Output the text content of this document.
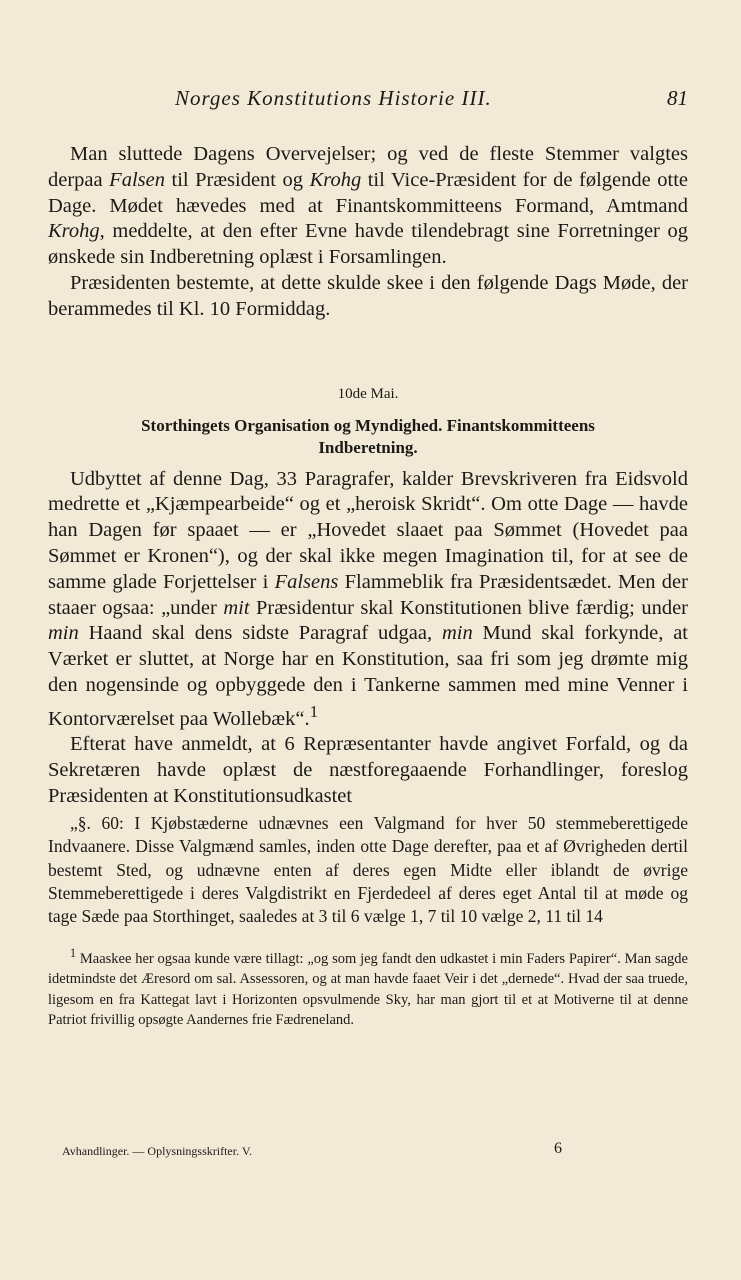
Norges Konstitutions Historie III.	81

Man sluttede Dagens Overvejelser; og ved de fleste Stemmer valgtes derpaa Falsen til Præsident og Krohg til Vice-Præsident for de følgende otte Dage. Mødet hævedes med at Finantskommitteens Formand, Amtmand Krohg, meddelte, at den efter Evne havde tilendebragt sine Forretninger og ønskede sin Indberetning oplæst i Forsamlingen.

Præsidenten bestemte, at dette skulde skee i den følgende Dags Møde, der berammedes til Kl. 10 Formiddag.

10de Mai.
Storthingets Organisation og Myndighed. Finantskommitteens
Indberetning.

Udbyttet af denne Dag, 33 Paragrafer, kalder Brevskriveren fra Eidsvold medrette et „Kjæmpearbeide“ og et „heroisk Skridt“. Om otte Dage — havde han Dagen før spaaet — er „Hovedet slaaet paa Sømmet (Hovedet paa Sømmet er Kronen“), og der skal ikke megen Imagination til, for at see de samme glade Forjettelser i Falsens Flammeblik fra Præsidentsædet. Men der staaer ogsaa: „under mit Præsidentur skal Konstitutionen blive færdig; under min Haand skal dens sidste Paragraf udgaa, min Mund skal forkynde, at Værket er sluttet, at Norge har en Konstitution, saa fri som jeg drømte mig den nogensinde og opbyggede den i Tankerne sammen med mine Venner i Kontorværelset paa Wollebæk“.$^1$

Efterat have anmeldt, at 6 Repræsentanter havde angivet Forfald, og da Sekretæren havde oplæst de næstforegaaende Forhandlinger, foreslog Præsidenten at Konstitutionsudkastet

„§. 60: I Kjøbstæderne udnævnes een Valgmand for hver 50 stemmeberettigede Indvaanere. Disse Valgmænd samles, inden otte Dage derefter, paa et af Øvrigheden dertil bestemt Sted, og udnævne enten af deres egen Midte eller iblandt de øvrige Stemmeberettigede i deres Valgdistrikt en Fjerdedeel af deres eget Antal til at møde og tage Sæde paa Storthinget, saaledes at 3 til 6 vælge 1, 7 til 10 vælge 2, 11 til 14

$^1$ Maaskee her ogsaa kunde være tillagt: „og som jeg fandt den udkastet i min Faders Papirer“. Man sagde idetmindste det Æresord om sal. Assessoren, og at man havde faaet Veir i det „dernede“. Hvad der saa truede, ligesom en fra Kattegat lavt i Horizonten opsvulmende Sky, har man gjort til et at Motiverne til at denne Patriot frivillig opsøgte Aandernes frie Fædreneland.

Avhandlinger. — Oplysningsskrifter. V.	6
